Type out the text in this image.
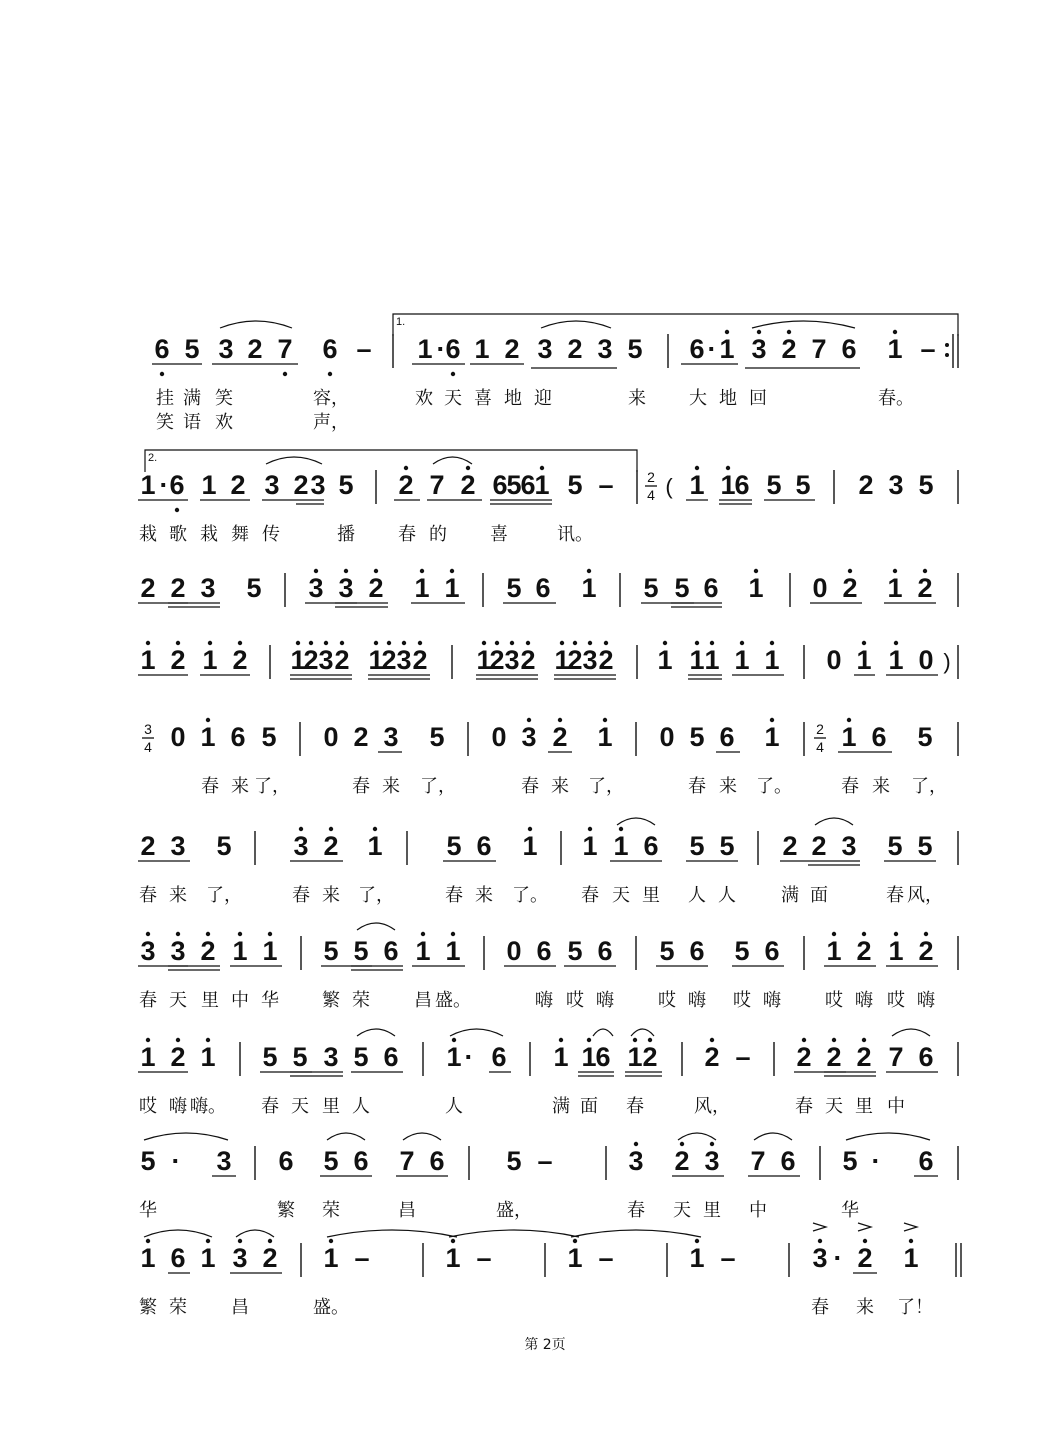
1.
6 5 3 2 7 6 – 1 · 6 1 2 3 2 3 5 6 · 1 3 2 7 6 1 –
挂 满 笑	容，	欢 天 喜 地 迎	来 大 地 回	春。
笑 语 欢	声，
2.
1 · 6 1 2 3 2 3 5 2 7 2 6
5
6
1 5 – 2
4 ( 1 1
6 5 5 2 3 5
栽 歌 栽 舞 传	播 春 的 喜	讯。
2 2 3 5 3 3 2 1 1 5 6 1 5 5 6 1 0 2 1 2
1 2 1 2 1
2 3 2 1
2 3 2 1
2 3 2 1
2 3 2 1 1 1 1 1 0 1 1 0 )
3
4 0 1 6 5 0 2 3 5 0 3 2 1 0 5 6 1	2
4 1 6 5
春 来 了，	春 来 了，	春 来 了，	春 来 了。	春 来 了，
2 3 5 3 2 1 5 6 1 1 1 6 5 5 2 2 3 5 5
春 来 了，	春 来 了，	春 来 了。 春 天 里 人 人	满 面	春 风，
3 3 2 1 1 5 5 6 1 1 0 6 5 6 5 6 5 6 1 2 1 2
春 天 里 中 华 繁 荣 昌 盛。	嗨 哎 嗨 哎 嗨 哎 嗨 哎 嗨 哎 嗨
1 2 1 5 5 3 5 6 1 · 6 1 1
6 1 2 2 – 2 2 2 7 6
哎 嗨 嗨。 春 天 里 人	人	满 面 春	风，	春 天 里 中
5 · 3 6 5 6 7 6 5 –	3 2 3 7 6 5 · 6
华	繁 荣	昌	盛，	春 天 里 中	华
1 6 1 3 2 1 –	1 –	1 –	1 –	3 · 2 1
繁 荣 昌	盛。	春 来 了！
第 2页
